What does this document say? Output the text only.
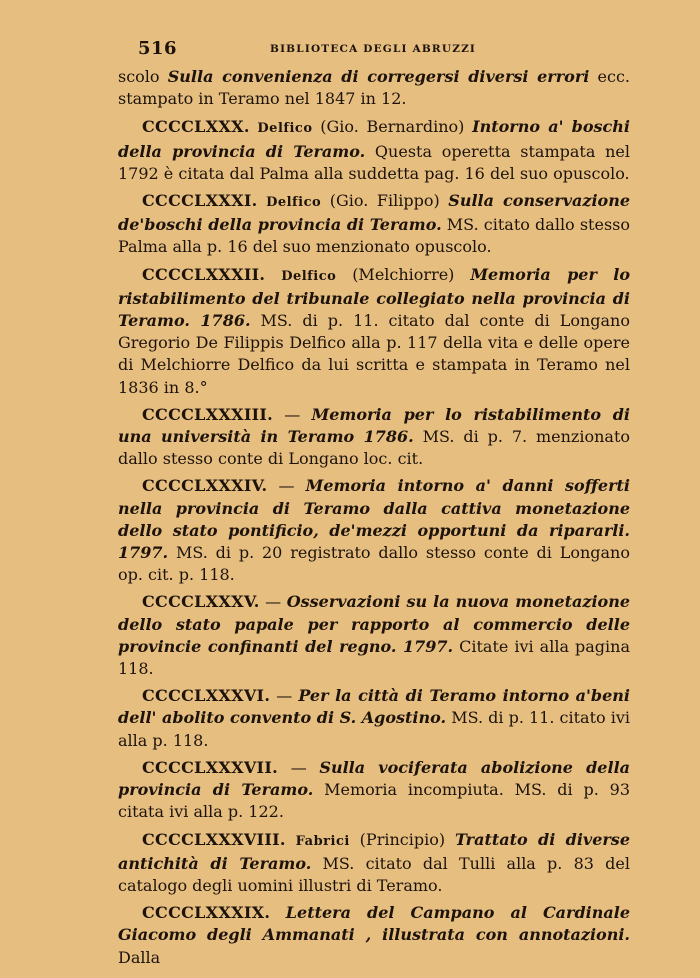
516	BIBLIOTECA DEGLI ABRUZZI

scolo Sulla convenienza di corregersi diversi errori ecc. stampato in Teramo nel 1847 in 12.

CCCCLXXX. Delfico (Gio. Bernardino) Intorno a' boschi della provincia di Teramo. Questa operetta stampata nel 1792 è citata dal Palma alla suddetta pag. 16 del suo opuscolo.

CCCCLXXXI. Delfico (Gio. Filippo) Sulla conservazione de'boschi della provincia di Teramo. MS. citato dallo stesso Palma alla p. 16 del suo menzionato opuscolo.

CCCCLXXXII. Delfico (Melchiorre) Memoria per lo ristabilimento del tribunale collegiato nella provincia di Teramo. 1786. MS. di p. 11. citato dal conte di Longano Gregorio De Filippis Delfico alla p. 117 della vita e delle opere di Melchiorre Delfico da lui scritta e stampata in Teramo nel 1836 in 8.°

CCCCLXXXIII. — Memoria per lo ristabilimento di una università in Teramo 1786. MS. di p. 7. menzionato dallo stesso conte di Longano loc. cit.

CCCCLXXXIV. — Memoria intorno a' danni sofferti nella provincia di Teramo dalla cattiva monetazione dello stato pontificio, de'mezzi opportuni da ripararli. 1797. MS. di p. 20 registrato dallo stesso conte di Longano op. cit. p. 118.

CCCCLXXXV. — Osservazioni su la nuova monetazione dello stato papale per rapporto al commercio delle provincie confinanti del regno. 1797. Citate ivi alla pagina 118.

CCCCLXXXVI. — Per la città di Teramo intorno a'beni dell' abolito convento di S. Agostino. MS. di p. 11. citato ivi alla p. 118.

CCCCLXXXVII. — Sulla vociferata abolizione della provincia di Teramo. Memoria incompiuta. MS. di p. 93 citata ivi alla p. 122.

CCCCLXXXVIII. Fabrici (Principio) Trattato di diverse antichità di Teramo. MS. citato dal Tulli alla p. 83 del catalogo degli uomini illustri di Teramo.

CCCCLXXXIX. Lettera del Campano al Cardinale Giacomo degli Ammanati , illustrata con annotazioni. Dalla
